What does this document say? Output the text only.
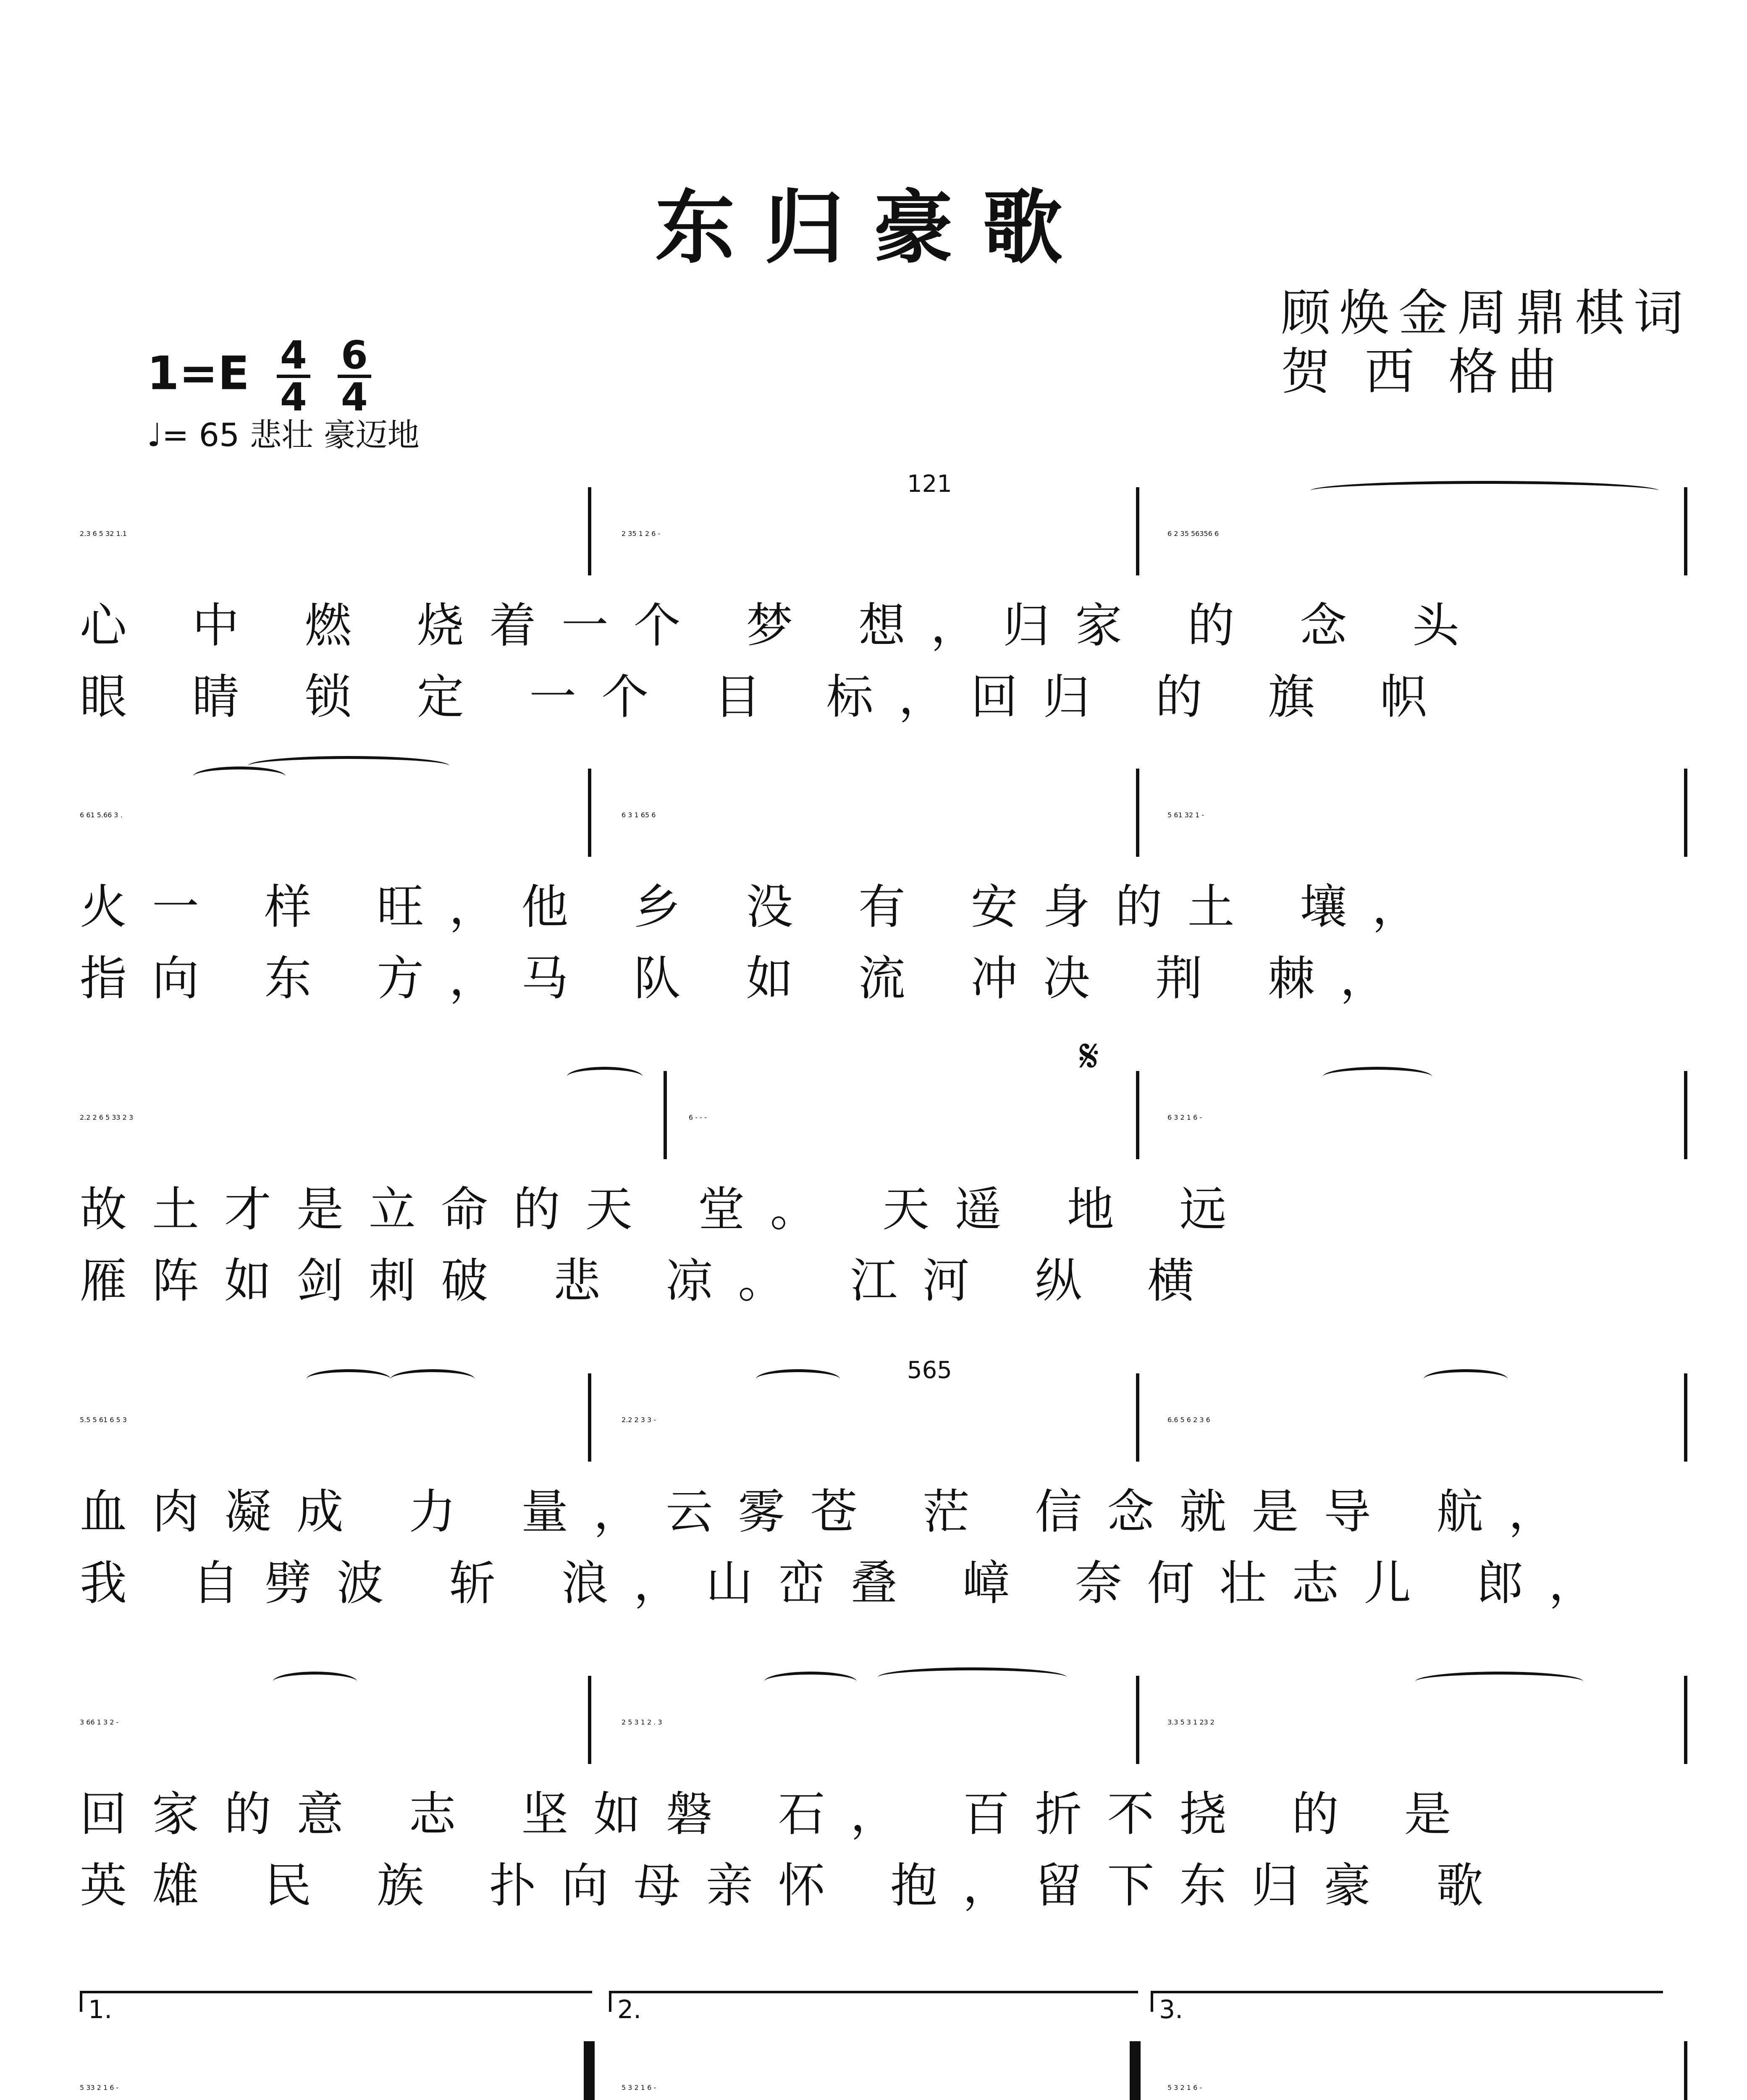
东归豪歌
顾焕金周鼎棋词
贺 西 格曲
$1=E \frac{4}{4}$
$\frac{6}{4}$
♩= 65 悲壮 豪迈地
2.3 6 5 32 1.1
121
2 35 1 2 6 -	6 2 35 56356 6
心 中 燃 烧着一个 梦 想，归家 的 念 头
眼 睛 锁 定 一个 目 标，回归 的 旗 帜
6 61 5.66 3 .	6 3 1 65 6	5 61 32 1 -
火一 样 旺，他 乡 没 有 安身的土 壤，
指向 东 方，马 队 如 流 冲决 荆 棘，
2.2 2 6 5 33 2 3	6 - - -
𝄋
6 3 2 1 6 -
故土才是立命的天 堂。 天遥 地 远
雁阵如剑刺破 悲 凉。 江河 纵 横
5.5 5 61 6 5 3
565
2.2 2 3 3 -	6.6 5 6 2 3 6
血肉凝成 力 量，云雾苍 茫 信念就是导 航，
我 自劈波 斩 浪，山峦叠 嶂 奈何壮志儿 郎，
3 66 1 3 2 -	2 5 3 1 2 . 3	3.3 5 3 1 23 2
回家的意 志 坚如磐 石， 百折不挠 的 是
英雄 民 族 扑向母亲怀 抱，留下东归豪 歌
1.	2.	3.
5 33 2 1 6 -	5 3 2 1 6 -	5 3 2 1 6 -
